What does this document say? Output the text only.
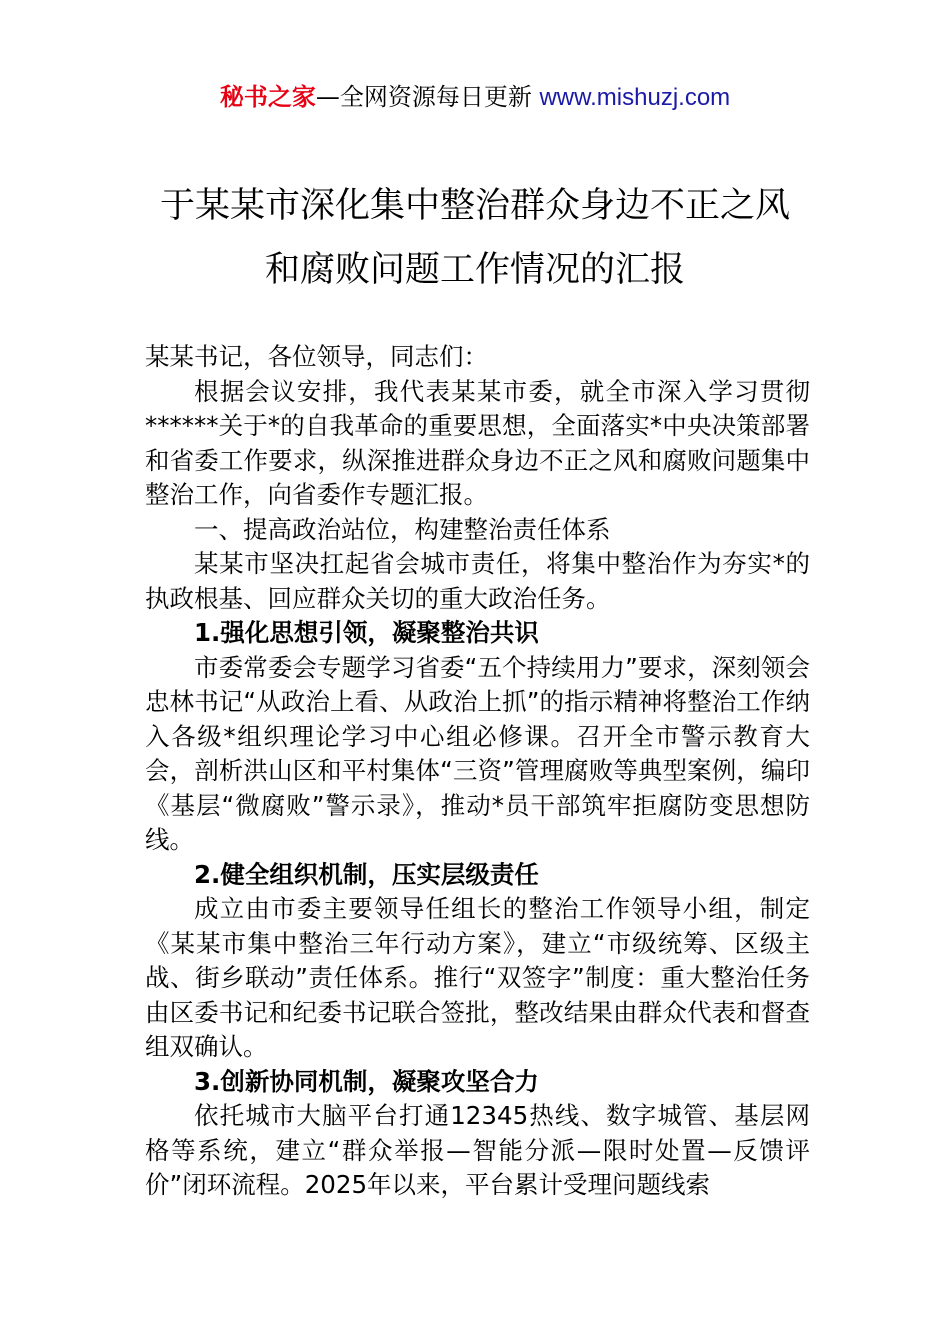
秘书之家—全网资源每日更新 www.mishuzj.com
于某某市深化集中整治群众身边不正之风
和腐败问题工作情况的汇报

某某书记，各位领导，同志们：

根据会议安排，我代表某某市委，就全市深入学习贯彻******关于*的自我革命的重要思想，全面落实*中央决策部署和省委工作要求，纵深推进群众身边不正之风和腐败问题集中整治工作，向省委作专题汇报。

一、提高政治站位，构建整治责任体系

某某市坚决扛起省会城市责任，将集中整治作为夯实*的执政根基、回应群众关切的重大政治任务。

1.强化思想引领，凝聚整治共识

市委常委会专题学习省委“五个持续用力”要求，深刻领会忠林书记“从政治上看、从政治上抓”的指示精神将整治工作纳入各级*组织理论学习中心组必修课。召开全市警示教育大会，剖析洪山区和平村集体“三资”管理腐败等典型案例，编印《基层“微腐败”警示录》，推动*员干部筑牢拒腐防变思想防线。

2.健全组织机制，压实层级责任

成立由市委主要领导任组长的整治工作领导小组，制定《某某市集中整治三年行动方案》，建立“市级统筹、区级主战、街乡联动”责任体系。推行“双签字”制度：重大整治任务由区委书记和纪委书记联合签批，整改结果由群众代表和督查组双确认。

3.创新协同机制，凝聚攻坚合力

依托城市大脑平台打通12345热线、数字城管、基层网格等系统，建立“群众举报—智能分派—限时处置—反馈评价”闭环流程。2025年以来，平台累计受理问题线索
